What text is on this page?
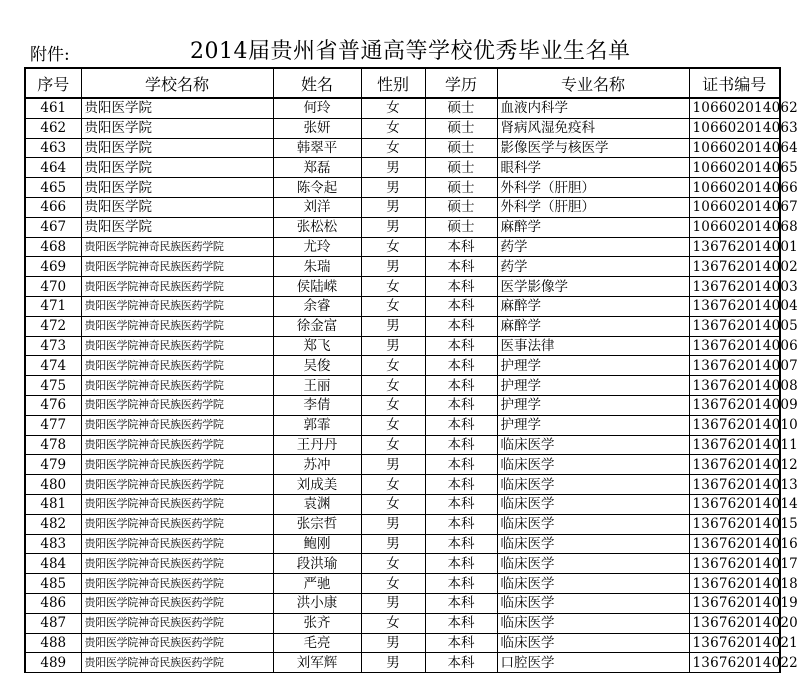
附件:	2014届贵州省普通高等学校优秀毕业生名单
序号	学校名称	姓名	性别	学历	专业名称	证书编号
461	贵阳医学院	何玲	女	硕士	血液内科学	106602014062
462	贵阳医学院	张妍	女	硕士	肾病风湿免疫科	106602014063
463	贵阳医学院	韩翠平	女	硕士	影像医学与核医学	106602014064
464	贵阳医学院	郑磊	男	硕士	眼科学	106602014065
465	贵阳医学院	陈令起	男	硕士	外科学（肝胆）	106602014066
466	贵阳医学院	刘洋	男	硕士	外科学（肝胆）	106602014067
467	贵阳医学院	张松松	男	硕士	麻醉学	106602014068
468	贵阳医学院神奇民族医药学院	尤玲	女	本科	药学	136762014001
469	贵阳医学院神奇民族医药学院	朱瑞	男	本科	药学	136762014002
470	贵阳医学院神奇民族医药学院	侯陆嵘	女	本科	医学影像学	136762014003
471	贵阳医学院神奇民族医药学院	余睿	女	本科	麻醉学	136762014004
472	贵阳医学院神奇民族医药学院	徐金富	男	本科	麻醉学	136762014005
473	贵阳医学院神奇民族医药学院	郑飞	男	本科	医事法律	136762014006
474	贵阳医学院神奇民族医药学院	吴俊	女	本科	护理学	136762014007
475	贵阳医学院神奇民族医药学院	王丽	女	本科	护理学	136762014008
476	贵阳医学院神奇民族医药学院	李倩	女	本科	护理学	136762014009
477	贵阳医学院神奇民族医药学院	郭霏	女	本科	护理学	136762014010
478	贵阳医学院神奇民族医药学院	王丹丹	女	本科	临床医学	136762014011
479	贵阳医学院神奇民族医药学院	苏冲	男	本科	临床医学	136762014012
480	贵阳医学院神奇民族医药学院	刘成美	女	本科	临床医学	136762014013
481	贵阳医学院神奇民族医药学院	袁渊	女	本科	临床医学	136762014014
482	贵阳医学院神奇民族医药学院	张宗哲	男	本科	临床医学	136762014015
483	贵阳医学院神奇民族医药学院	鲍刚	男	本科	临床医学	136762014016
484	贵阳医学院神奇民族医药学院	段洪瑜	女	本科	临床医学	136762014017
485	贵阳医学院神奇民族医药学院	严驰	女	本科	临床医学	136762014018
486	贵阳医学院神奇民族医药学院	洪小康	男	本科	临床医学	136762014019
487	贵阳医学院神奇民族医药学院	张齐	女	本科	临床医学	136762014020
488	贵阳医学院神奇民族医药学院	毛亮	男	本科	临床医学	136762014021
489	贵阳医学院神奇民族医药学院	刘军辉	男	本科	口腔医学	136762014022
